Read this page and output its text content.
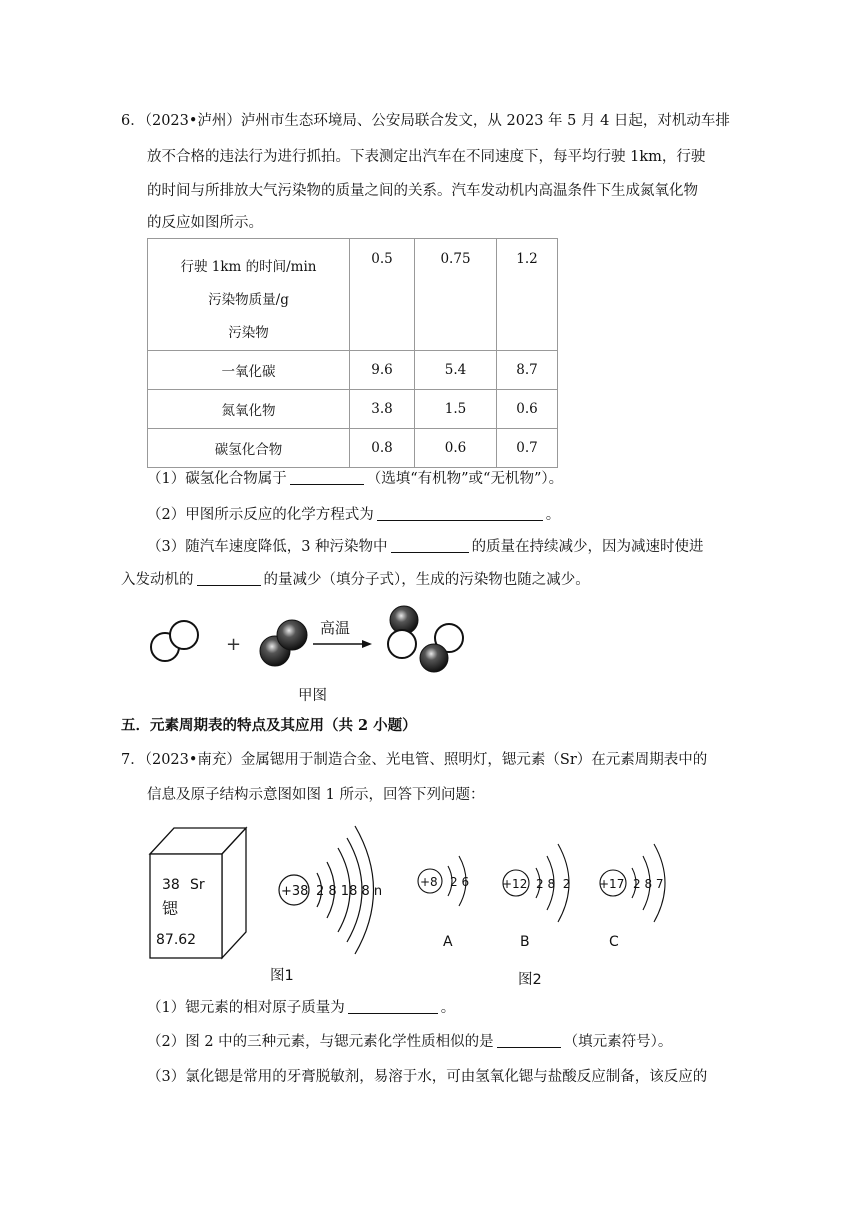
6．（2023•泸州）泸州市生态环境局、公安局联合发文，从 2023 年 5 月 4 日起，对机动车排
放不合格的违法行为进行抓拍。下表测定出汽车在不同速度下，每平均行驶 1km，行驶
的时间与所排放大气污染物的质量之间的关系。汽车发动机内高温条件下生成氮氧化物
的反应如图所示。
行驶 1km 的时间/min
污染物质量/g
污染物	0.5	0.75	1.2
一氧化碳	9.6	5.4	8.7
氮氧化物	3.8	1.5	0.6
碳氢化合物	0.8	0.6	0.7
（1）碳氢化合物属于	（选填“有机物”或“无机物”）。
（2）甲图所示反应的化学方程式为	。
（3）随汽车速度降低，3 种污染物中	的质量在持续减少，因为减速时使进
入发动机的	的量减少（填分子式），生成的污染物也随之减少。
+
高温
甲图
五．元素周期表的特点及其应用（共 2 小题）
7．（2023•南充）金属锶用于制造合金、光电管、照明灯，锶元素（Sr）在元素周期表中的
信息及原子结构示意图如图 1 所示，回答下列问题：
38 Sr
锶
87.62
+38 2 8 18 8 n
图1
+8 2 6
A
+12 2 8  2
B
+17 2 8 7
C
图2
（1）锶元素的相对原子质量为	。
（2）图 2 中的三种元素，与锶元素化学性质相似的是	（填元素符号）。
（3）氯化锶是常用的牙膏脱敏剂，易溶于水，可由氢氧化锶与盐酸反应制备，该反应的
